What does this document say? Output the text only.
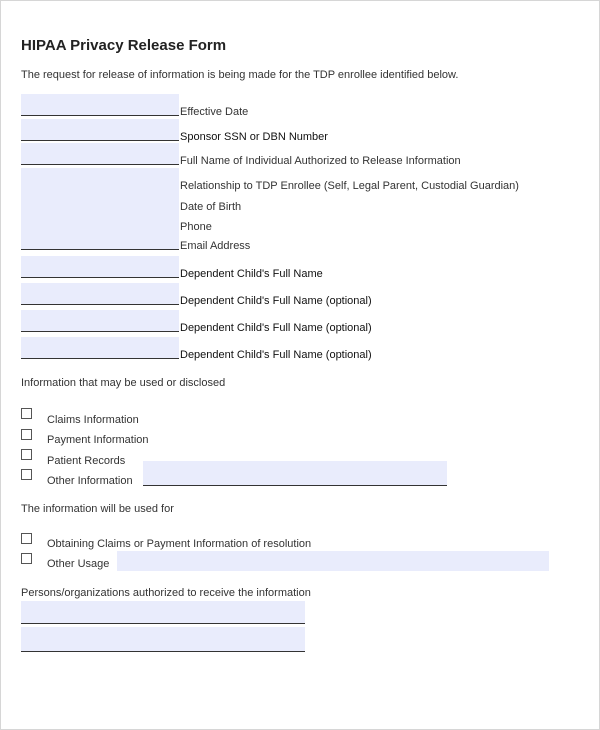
HIPAA Privacy Release Form
The request for release of information is being made for the TDP enrollee identified below.
Effective Date
Sponsor SSN or DBN Number
Full Name of Individual Authorized to Release Information
Relationship to TDP Enrollee (Self, Legal Parent, Custodial Guardian)
Date of Birth
Phone
Email Address
Dependent Child's Full Name
Dependent Child's Full Name (optional)
Dependent Child's Full Name (optional)
Dependent Child's Full Name (optional)
Information that may be used or disclosed
Claims Information
Payment Information
Patient Records
Other Information
The information will be used for
Obtaining Claims or Payment Information of resolution
Other Usage
Persons/organizations authorized to receive the information
